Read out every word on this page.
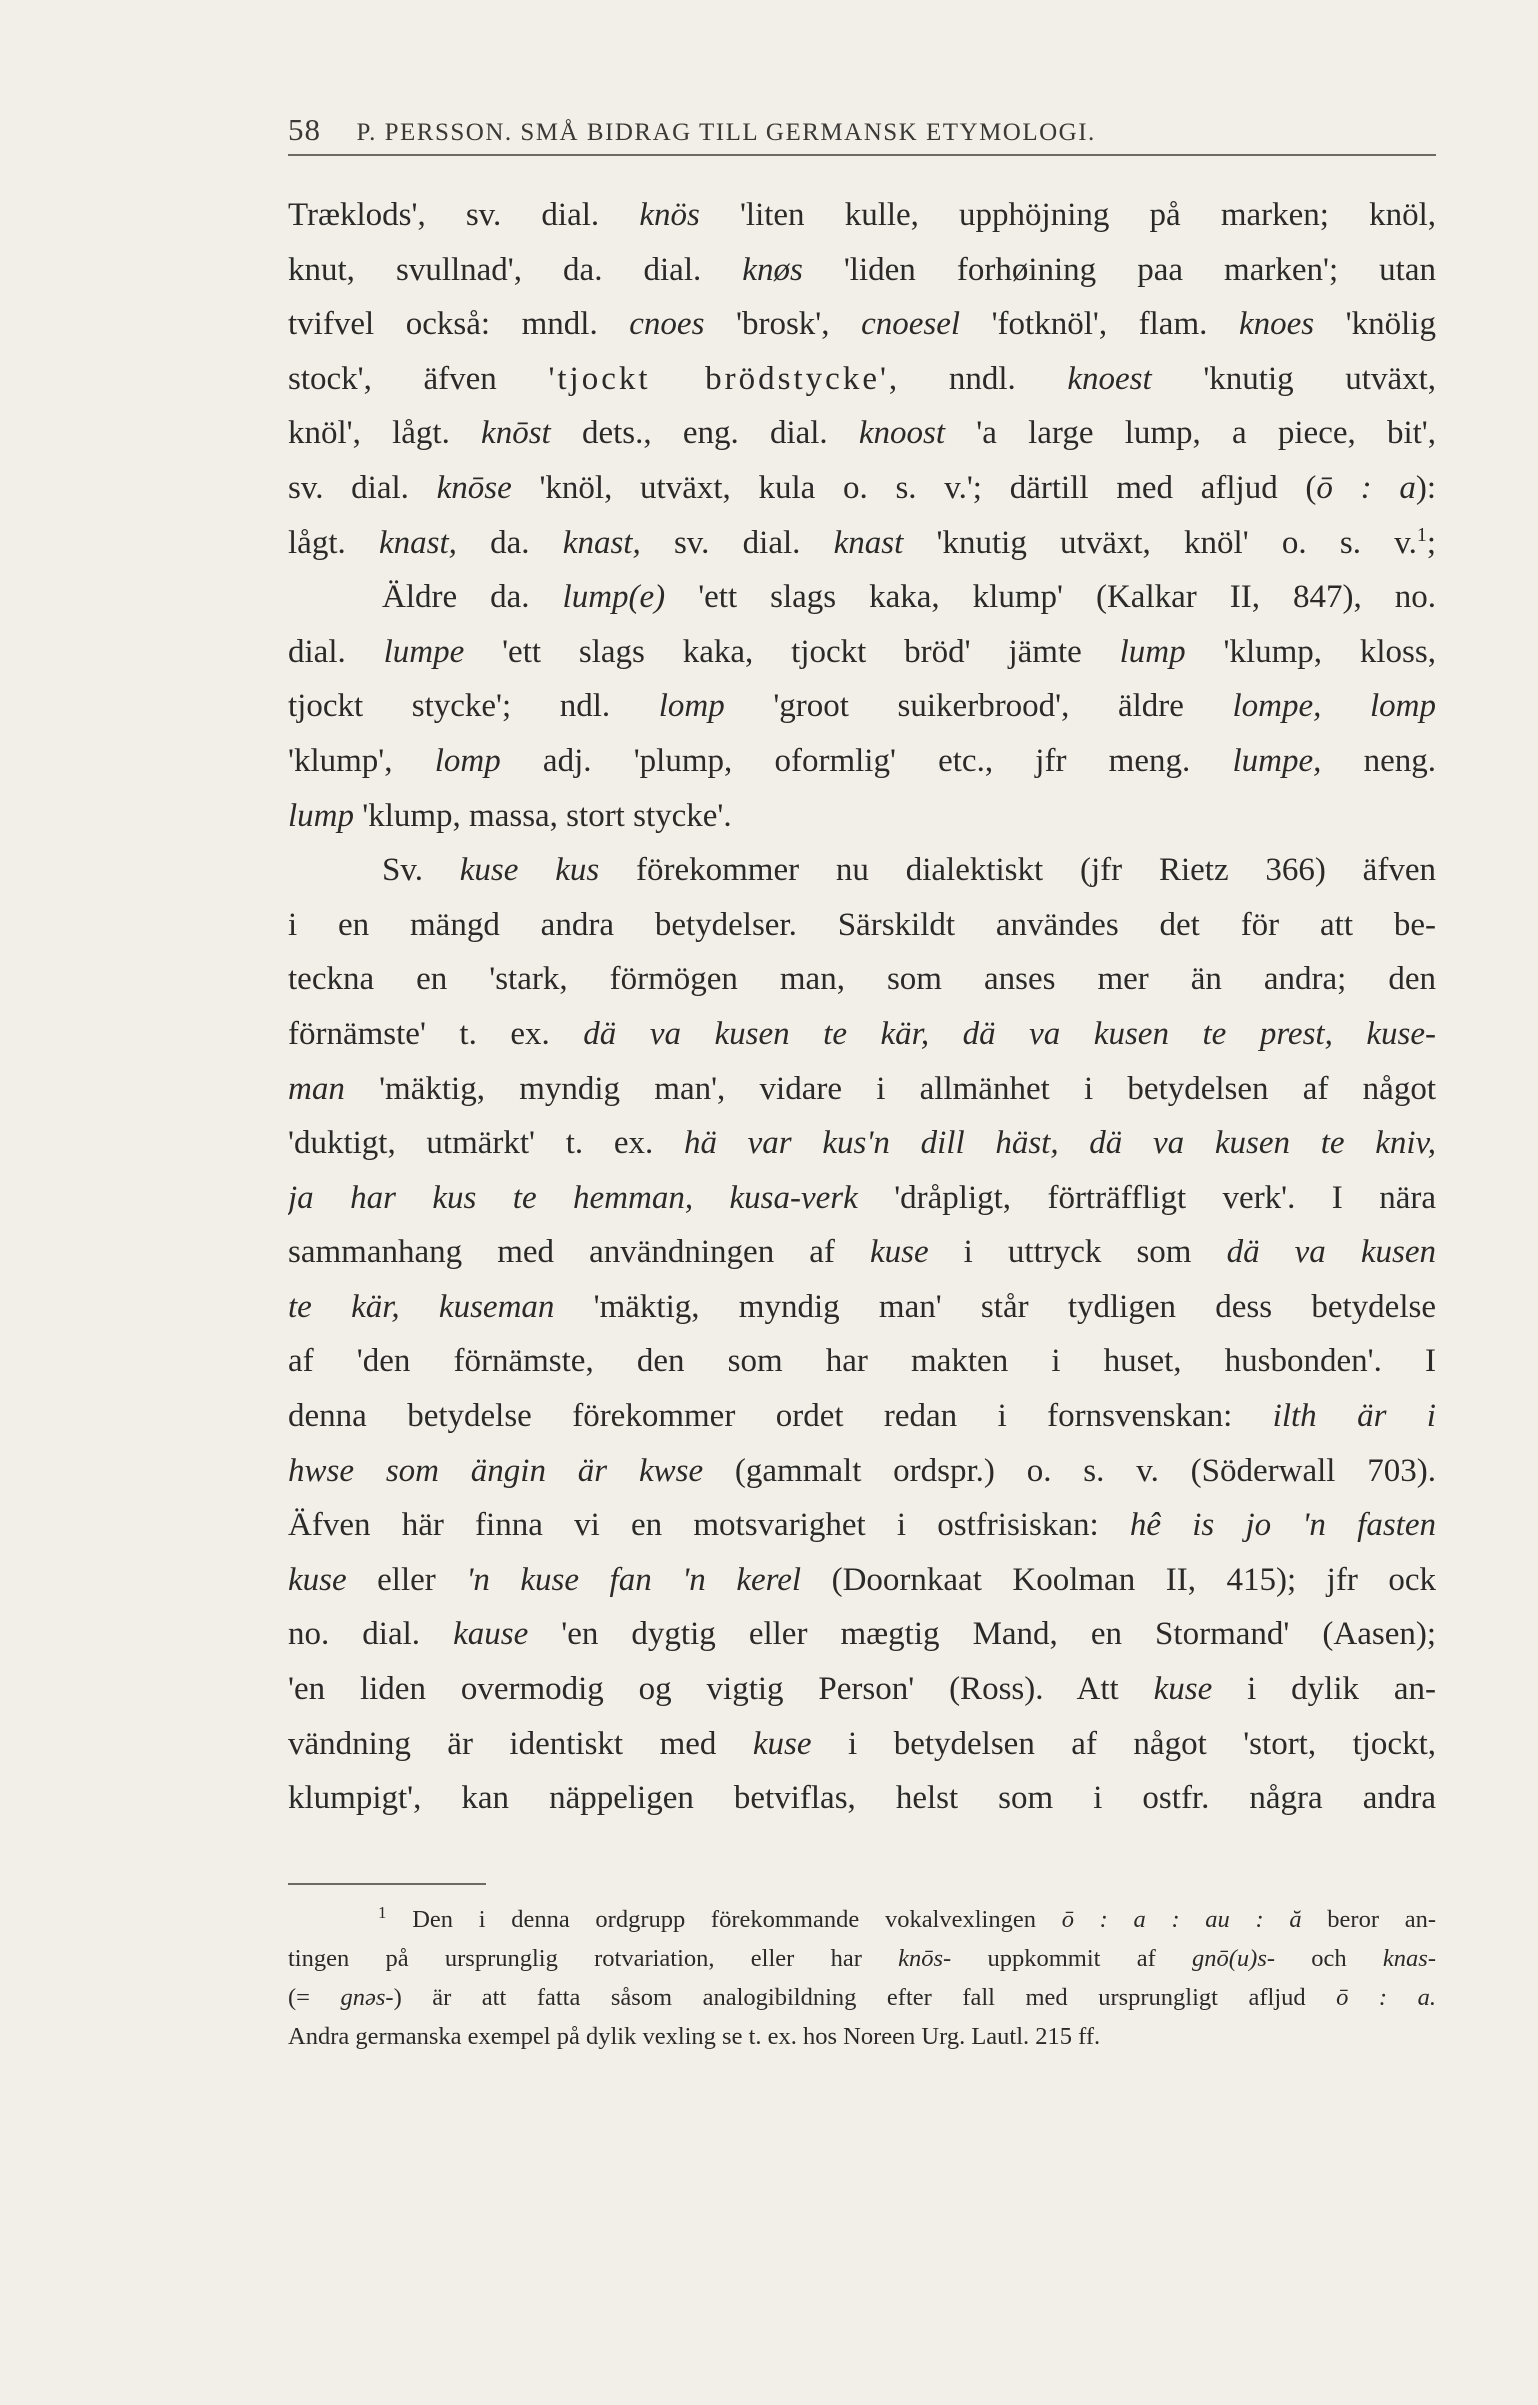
58 P. PERSSON. SMÅ BIDRAG TILL GERMANSK ETYMOLOGI.
Træklods', sv. dial. knös 'liten kulle, upphöjning på marken; knöl,
knut, svullnad', da. dial. knøs 'liden forhøining paa marken'; utan
tvifvel också: mndl. cnoes 'brosk', cnoesel 'fotknöl', flam. knoes 'knölig
stock', äfven 'tjockt brödstycke', nndl. knoest 'knutig utväxt,
knöl', lågt. knōst dets., eng. dial. knoost 'a large lump, a piece, bit',
sv. dial. knōse 'knöl, utväxt, kula o. s. v.'; därtill med afljud (ō : a):
lågt. knast, da. knast, sv. dial. knast 'knutig utväxt, knöl' o. s. v.$^1$;
Äldre da. lump(e) 'ett slags kaka, klump' (Kalkar II, 847), no.
dial. lumpe 'ett slags kaka, tjockt bröd' jämte lump 'klump, kloss,
tjockt stycke'; ndl. lomp 'groot suikerbrood', äldre lompe, lomp
'klump', lomp adj. 'plump, oformlig' etc., jfr meng. lumpe, neng.
lump 'klump, massa, stort stycke'.
Sv. kuse kus förekommer nu dialektiskt (jfr Rietz 366) äfven
i en mängd andra betydelser. Särskildt användes det för att be-
teckna en 'stark, förmögen man, som anses mer än andra; den
förnämste' t. ex. dä va kusen te kär, dä va kusen te prest, kuse-
man 'mäktig, myndig man', vidare i allmänhet i betydelsen af något
'duktigt, utmärkt' t. ex. hä var kus'n dill häst, dä va kusen te kniv,
ja har kus te hemman, kusa-verk 'dråpligt, förträffligt verk'. I nära
sammanhang med användningen af kuse i uttryck som dä va kusen
te kär, kuseman 'mäktig, myndig man' står tydligen dess betydelse
af 'den förnämste, den som har makten i huset, husbonden'. I
denna betydelse förekommer ordet redan i fornsvenskan: ilth är i
hwse som ängin är kwse (gammalt ordspr.) o. s. v. (Söderwall 703).
Äfven här finna vi en motsvarighet i ostfrisiskan: hê is jo 'n fasten
kuse eller 'n kuse fan 'n kerel (Doornkaat Koolman II, 415); jfr ock
no. dial. kause 'en dygtig eller mægtig Mand, en Stormand' (Aasen);
'en liden overmodig og vigtig Person' (Ross). Att kuse i dylik an-
vändning är identiskt med kuse i betydelsen af något 'stort, tjockt,
klumpigt', kan näppeligen betviflas, helst som i ostfr. några andra
$^1$ Den i denna ordgrupp förekommande vokalvexlingen ō : a : au : ă beror an-
tingen på ursprunglig rotvariation, eller har knōs- uppkommit af gnō(u)s- och knas-
(= gnəs-) är att fatta såsom analogibildning efter fall med ursprungligt afljud ō : a.
Andra germanska exempel på dylik vexling se t. ex. hos Noreen Urg. Lautl. 215 ff.
